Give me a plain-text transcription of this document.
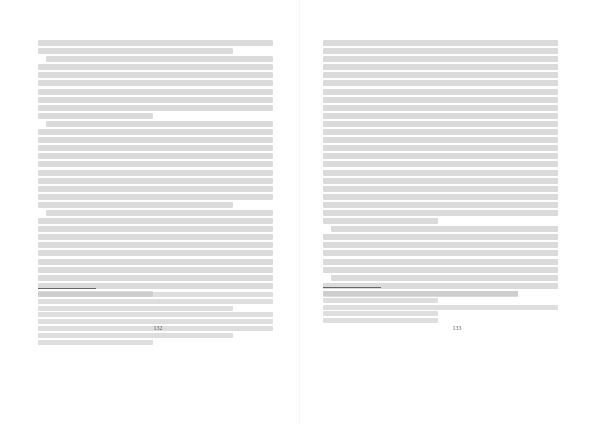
132	133
